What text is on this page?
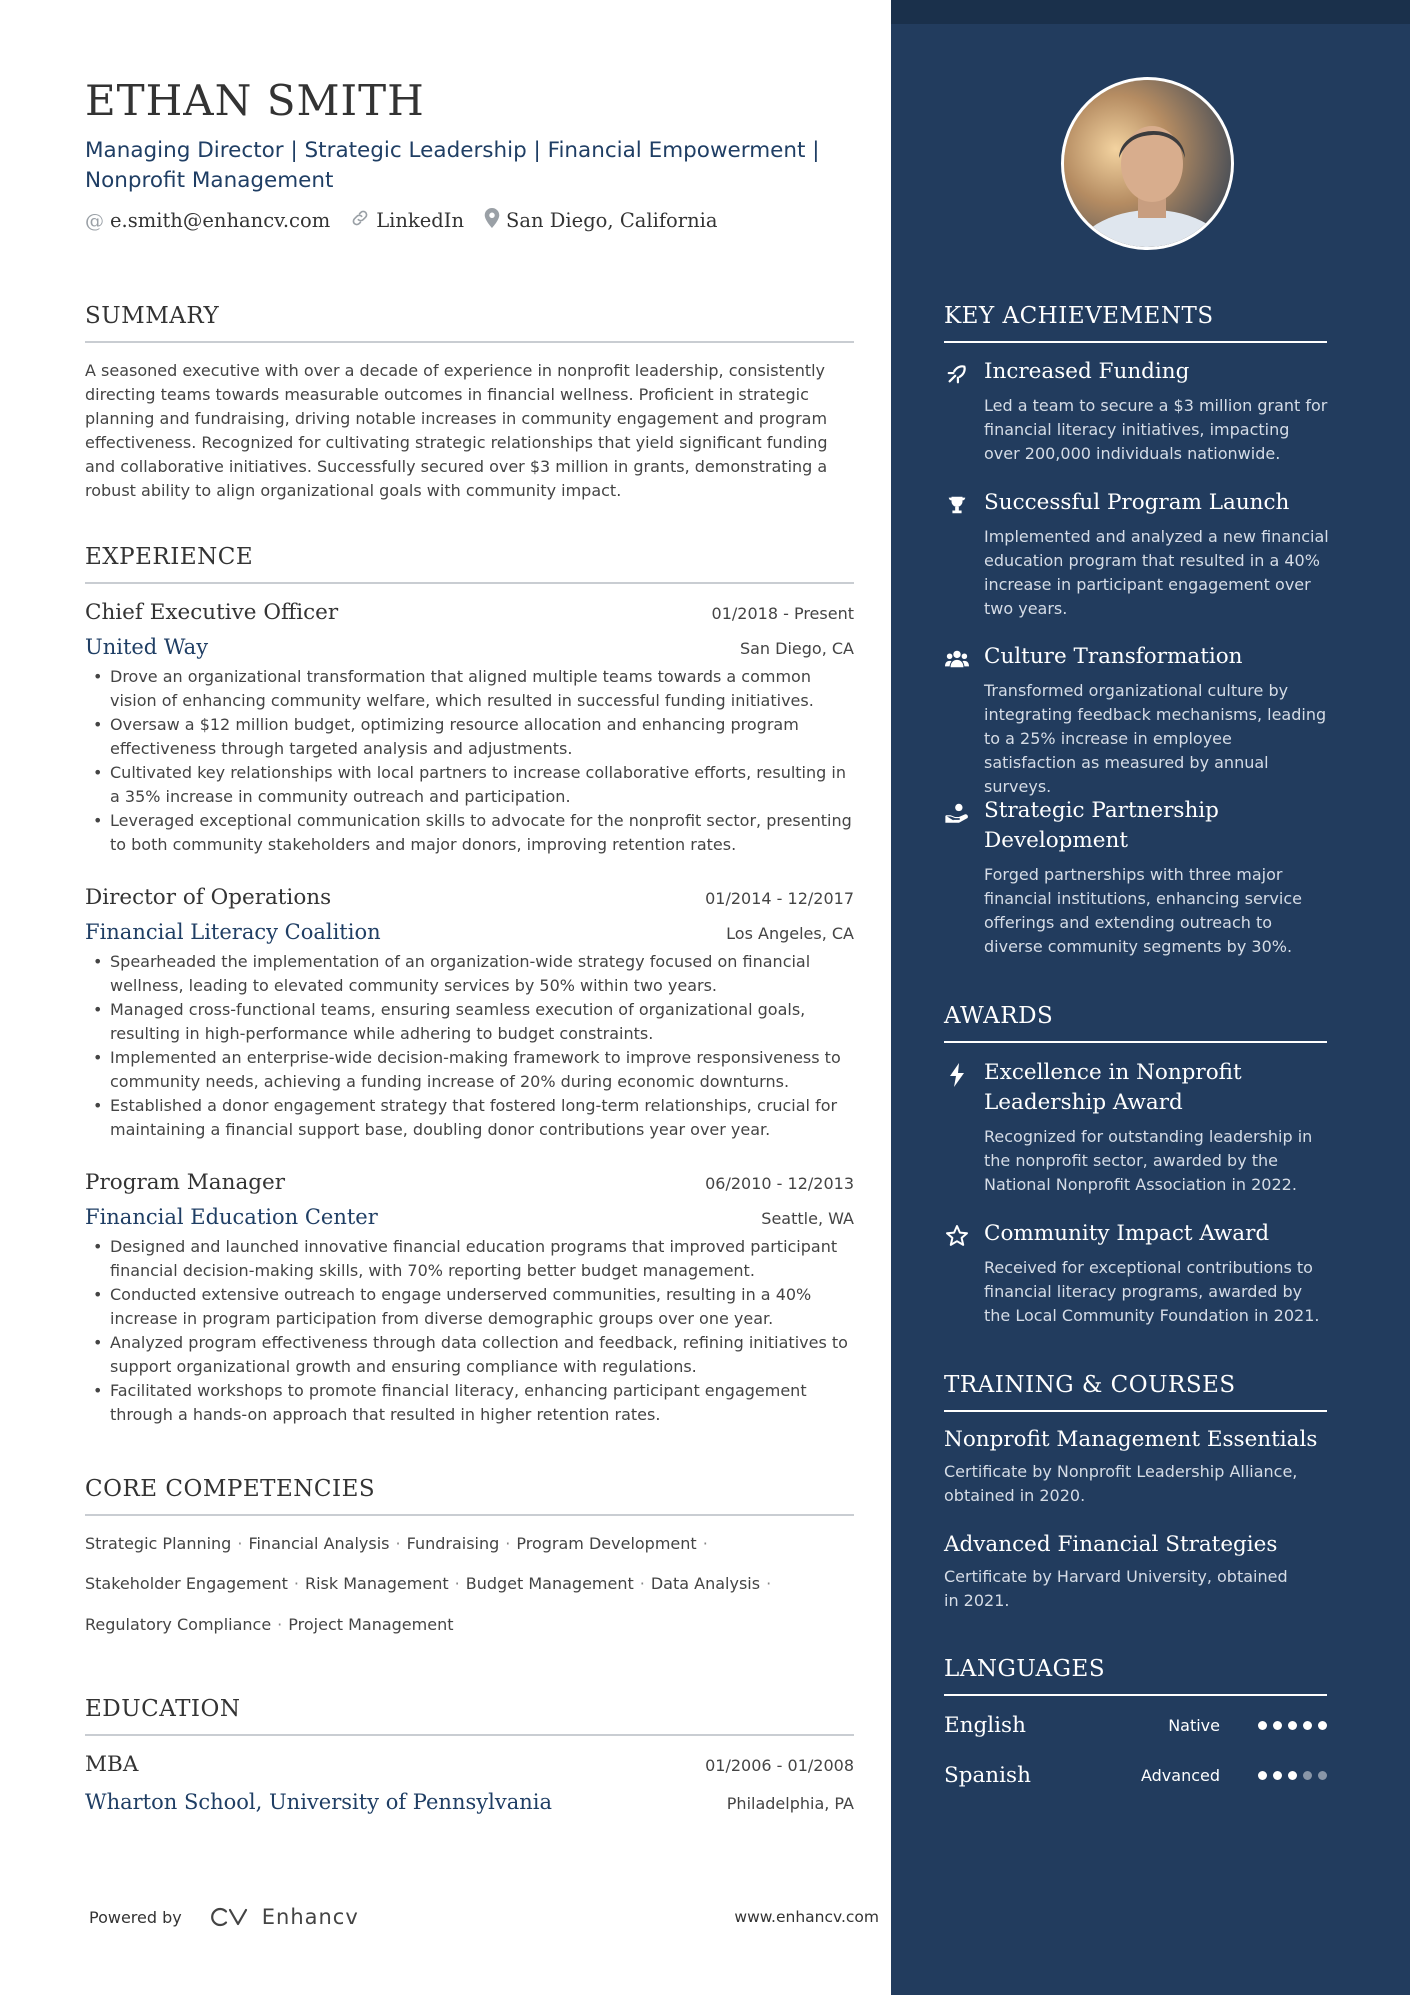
ETHAN SMITH
Managing Director | Strategic Leadership | Financial Empowerment | Nonprofit Management
@ e.smith@enhancv.com LinkedIn San Diego, California
SUMMARY

A seasoned executive with over a decade of experience in nonprofit leadership, consistently directing teams towards measurable outcomes in financial wellness. Proficient in strategic planning and fundraising, driving notable increases in community engagement and program effectiveness. Recognized for cultivating strategic relationships that yield significant funding and collaborative initiatives. Successfully secured over $3 million in grants, demonstrating a robust ability to align organizational goals with community impact.

EXPERIENCE
Chief Executive Officer	01/2018 - Present
United Way	San Diego, CA
• Drove an organizational transformation that aligned multiple teams towards a common vision of enhancing community welfare, which resulted in successful funding initiatives.
• Oversaw a $12 million budget, optimizing resource allocation and enhancing program effectiveness through targeted analysis and adjustments.
• Cultivated key relationships with local partners to increase collaborative efforts, resulting in a 35% increase in community outreach and participation.
• Leveraged exceptional communication skills to advocate for the nonprofit sector, presenting to both community stakeholders and major donors, improving retention rates.
Director of Operations	01/2014 - 12/2017
Financial Literacy Coalition	Los Angeles, CA
• Spearheaded the implementation of an organization-wide strategy focused on financial wellness, leading to elevated community services by 50% within two years.
• Managed cross-functional teams, ensuring seamless execution of organizational goals, resulting in high-performance while adhering to budget constraints.
• Implemented an enterprise-wide decision-making framework to improve responsiveness to community needs, achieving a funding increase of 20% during economic downturns.
• Established a donor engagement strategy that fostered long-term relationships, crucial for maintaining a financial support base, doubling donor contributions year over year.
Program Manager	06/2010 - 12/2013
Financial Education Center	Seattle, WA
• Designed and launched innovative financial education programs that improved participant financial decision-making skills, with 70% reporting better budget management.
• Conducted extensive outreach to engage underserved communities, resulting in a 40% increase in program participation from diverse demographic groups over one year.
• Analyzed program effectiveness through data collection and feedback, refining initiatives to support organizational growth and ensuring compliance with regulations.
• Facilitated workshops to promote financial literacy, enhancing participant engagement through a hands-on approach that resulted in higher retention rates.
CORE COMPETENCIES
Strategic Planning · Financial Analysis · Fundraising · Program Development ·
Stakeholder Engagement · Risk Management · Budget Management · Data Analysis ·
Regulatory Compliance · Project Management
EDUCATION
MBA	01/2006 - 01/2008
Wharton School, University of Pennsylvania	Philadelphia, PA
Powered by	Enhancv	www.enhancv.com
KEY ACHIEVEMENTS
Increased Funding
Led a team to secure a $3 million grant for financial literacy initiatives, impacting over 200,000 individuals nationwide.
Successful Program Launch
Implemented and analyzed a new financial education program that resulted in a 40% increase in participant engagement over two years.
Culture Transformation
Transformed organizational culture by integrating feedback mechanisms, leading to a 25% increase in employee satisfaction as measured by annual surveys.
Strategic Partnership Development
Forged partnerships with three major financial institutions, enhancing service offerings and extending outreach to diverse community segments by 30%.
AWARDS
Excellence in Nonprofit Leadership Award
Recognized for outstanding leadership in the nonprofit sector, awarded by the National Nonprofit Association in 2022.
Community Impact Award
Received for exceptional contributions to financial literacy programs, awarded by the Local Community Foundation in 2021.
TRAINING & COURSES
Nonprofit Management Essentials
Certificate by Nonprofit Leadership Alliance, obtained in 2020.
Advanced Financial Strategies
Certificate by Harvard University, obtained in 2021.
LANGUAGES
English	Native
Spanish	Advanced
